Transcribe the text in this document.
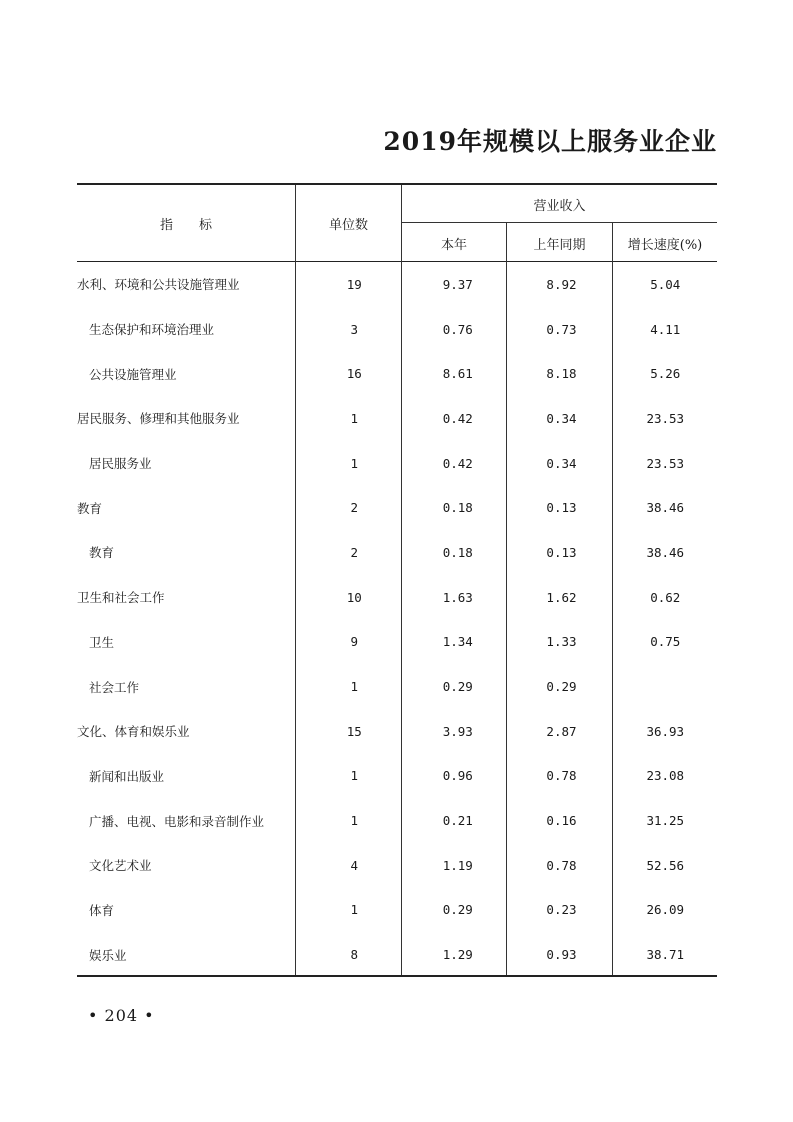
2019年规模以上服务业企业
指　　标	单位数
营业收入
本年	上年同期	增长速度(%)
水利、环境和公共设施管理业	19	9.37	8.92	5.04
生态保护和环境治理业	3	0.76	0.73	4.11
公共设施管理业	16	8.61	8.18	5.26
居民服务、修理和其他服务业	1	0.42	0.34	23.53
居民服务业	1	0.42	0.34	23.53
教育	2	0.18	0.13	38.46
教育	2	0.18	0.13	38.46
卫生和社会工作	10	1.63	1.62	0.62
卫生	9	1.34	1.33	0.75
社会工作	1	0.29	0.29	
文化、体育和娱乐业	15	3.93	2.87	36.93
新闻和出版业	1	0.96	0.78	23.08
广播、电视、电影和录音制作业	1	0.21	0.16	31.25
文化艺术业	4	1.19	0.78	52.56
体育	1	0.29	0.23	26.09
娱乐业	8	1.29	0.93	38.71
• 204 •
